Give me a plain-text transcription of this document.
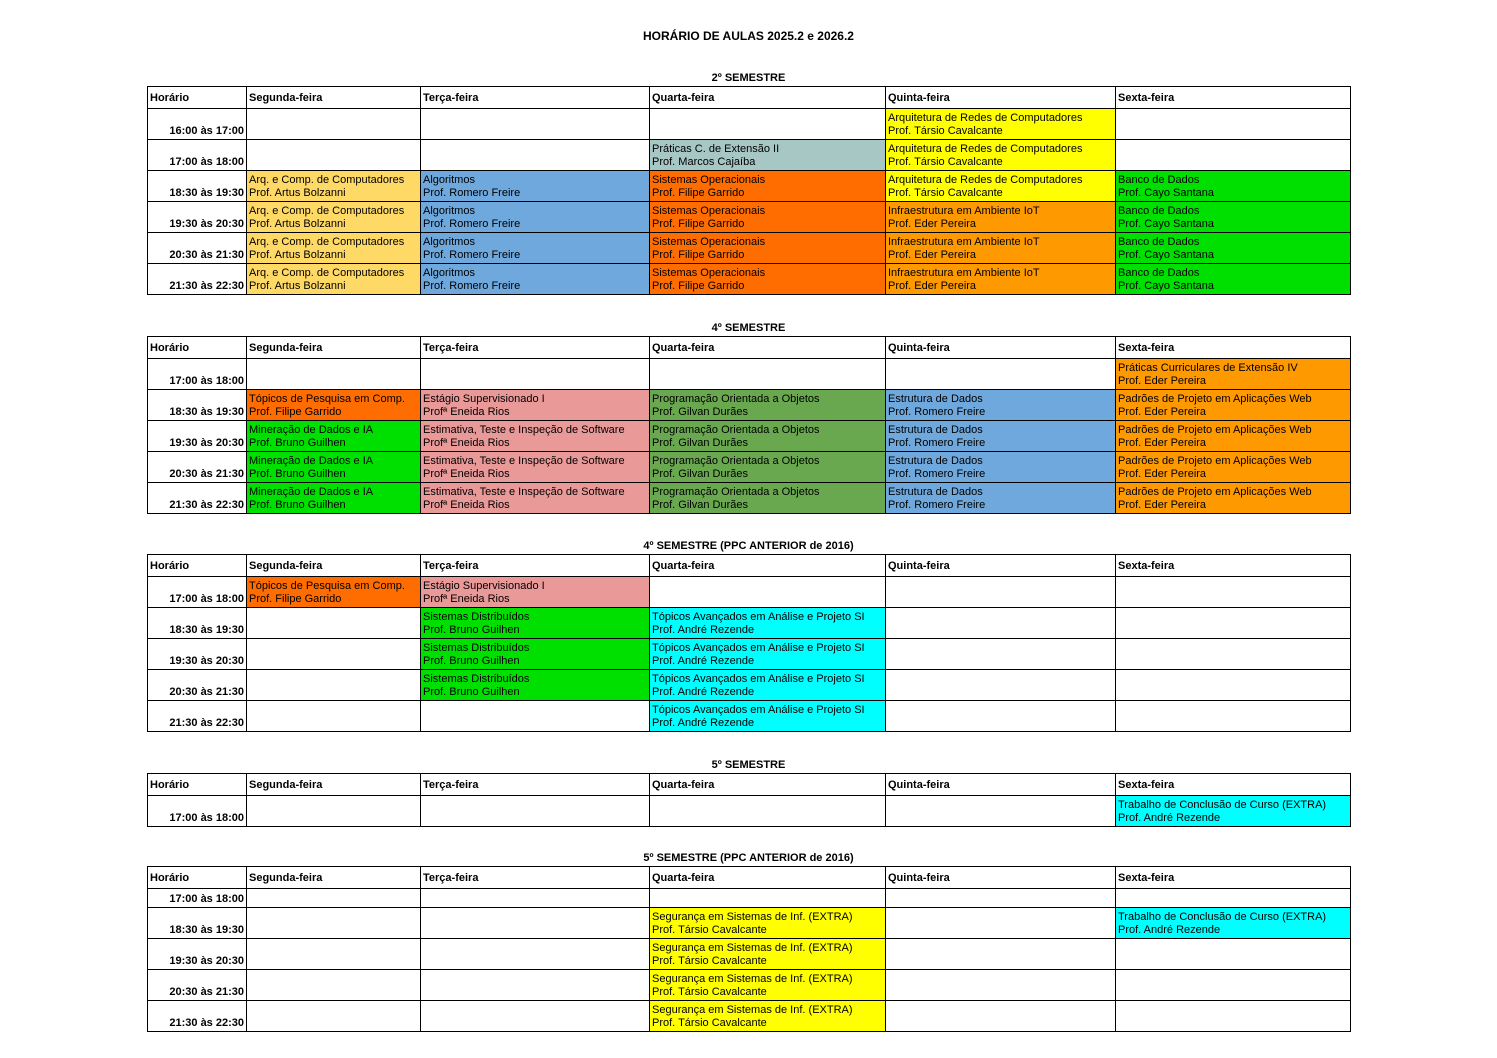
HORÁRIO DE AULAS 2025.2 e 2026.2
2º SEMESTRE
Horário	Segunda-feira	Terça-feira	Quarta-feira	Quinta-feira	Sexta-feira
16:00 às 17:00				Arquitetura de Redes de Computadores
Prof. Társio Cavalcante	

17:00 às 18:00			Práticas C. de Extensão II
Prof. Marcos Cajaíba	Arquitetura de Redes de Computadores
Prof. Társio Cavalcante	

18:30 às 19:30	Arq. e Comp. de Computadores
Prof. Artus Bolzanni	Algoritmos
Prof. Romero Freire	Sistemas Operacionais
Prof. Filipe Garrido	Arquitetura de Redes de Computadores
Prof. Társio Cavalcante	Banco de Dados
Prof. Cayo Santana

19:30 às 20:30	Arq. e Comp. de Computadores
Prof. Artus Bolzanni	Algoritmos
Prof. Romero Freire	Sistemas Operacionais
Prof. Filipe Garrido	Infraestrutura em Ambiente IoT
Prof. Eder Pereira	Banco de Dados
Prof. Cayo Santana

20:30 às 21:30	Arq. e Comp. de Computadores
Prof. Artus Bolzanni	Algoritmos
Prof. Romero Freire	Sistemas Operacionais
Prof. Filipe Garrido	Infraestrutura em Ambiente IoT
Prof. Eder Pereira	Banco de Dados
Prof. Cayo Santana

21:30 às 22:30	Arq. e Comp. de Computadores
Prof. Artus Bolzanni	Algoritmos
Prof. Romero Freire	Sistemas Operacionais
Prof. Filipe Garrido	Infraestrutura em Ambiente IoT
Prof. Eder Pereira	Banco de Dados
Prof. Cayo Santana
4º SEMESTRE
Horário	Segunda-feira	Terça-feira	Quarta-feira	Quinta-feira	Sexta-feira
17:00 às 18:00					Práticas Curriculares de Extensão IV
Prof. Eder Pereira

18:30 às 19:30	Tópicos de Pesquisa em Comp.
Prof. Filipe Garrido	Estágio Supervisionado I
Profª Eneida Rios	Programação Orientada a Objetos
Prof. Gilvan Durães	Estrutura de Dados
Prof. Romero Freire	Padrões de Projeto em Aplicações Web
Prof. Eder Pereira

19:30 às 20:30	Mineração de Dados e IA
Prof. Bruno Guilhen	Estimativa, Teste e Inspeção de Software
Profª Eneida Rios	Programação Orientada a Objetos
Prof. Gilvan Durães	Estrutura de Dados
Prof. Romero Freire	Padrões de Projeto em Aplicações Web
Prof. Eder Pereira

20:30 às 21:30	Mineração de Dados e IA
Prof. Bruno Guilhen	Estimativa, Teste e Inspeção de Software
Profª Eneida Rios	Programação Orientada a Objetos
Prof. Gilvan Durães	Estrutura de Dados
Prof. Romero Freire	Padrões de Projeto em Aplicações Web
Prof. Eder Pereira

21:30 às 22:30	Mineração de Dados e IA
Prof. Bruno Guilhen	Estimativa, Teste e Inspeção de Software
Profª Eneida Rios	Programação Orientada a Objetos
Prof. Gilvan Durães	Estrutura de Dados
Prof. Romero Freire	Padrões de Projeto em Aplicações Web
Prof. Eder Pereira
4º SEMESTRE (PPC ANTERIOR de 2016)
Horário	Segunda-feira	Terça-feira	Quarta-feira	Quinta-feira	Sexta-feira
17:00 às 18:00	Tópicos de Pesquisa em Comp.
Prof. Filipe Garrido	Estágio Supervisionado I
Profª Eneida Rios			

18:30 às 19:30		Sistemas Distribuídos
Prof. Bruno Guilhen	Tópicos Avançados em Análise e Projeto SI
Prof. André Rezende		

19:30 às 20:30		Sistemas Distribuídos
Prof. Bruno Guilhen	Tópicos Avançados em Análise e Projeto SI
Prof. André Rezende		

20:30 às 21:30		Sistemas Distribuídos
Prof. Bruno Guilhen	Tópicos Avançados em Análise e Projeto SI
Prof. André Rezende		

21:30 às 22:30			Tópicos Avançados em Análise e Projeto SI
Prof. André Rezende		

5º SEMESTRE
Horário	Segunda-feira	Terça-feira	Quarta-feira	Quinta-feira	Sexta-feira
17:00 às 18:00					Trabalho de Conclusão de Curso (EXTRA)
Prof. André Rezende
5º SEMESTRE (PPC ANTERIOR de 2016)
Horário	Segunda-feira	Terça-feira	Quarta-feira	Quinta-feira	Sexta-feira
17:00 às 18:00					
18:30 às 19:30			Segurança em Sistemas de Inf. (EXTRA)
Prof. Társio Cavalcante		Trabalho de Conclusão de Curso (EXTRA)
Prof. André Rezende

19:30 às 20:30			Segurança em Sistemas de Inf. (EXTRA)
Prof. Társio Cavalcante		

20:30 às 21:30			Segurança em Sistemas de Inf. (EXTRA)
Prof. Társio Cavalcante		

21:30 às 22:30			Segurança em Sistemas de Inf. (EXTRA)
Prof. Társio Cavalcante		
